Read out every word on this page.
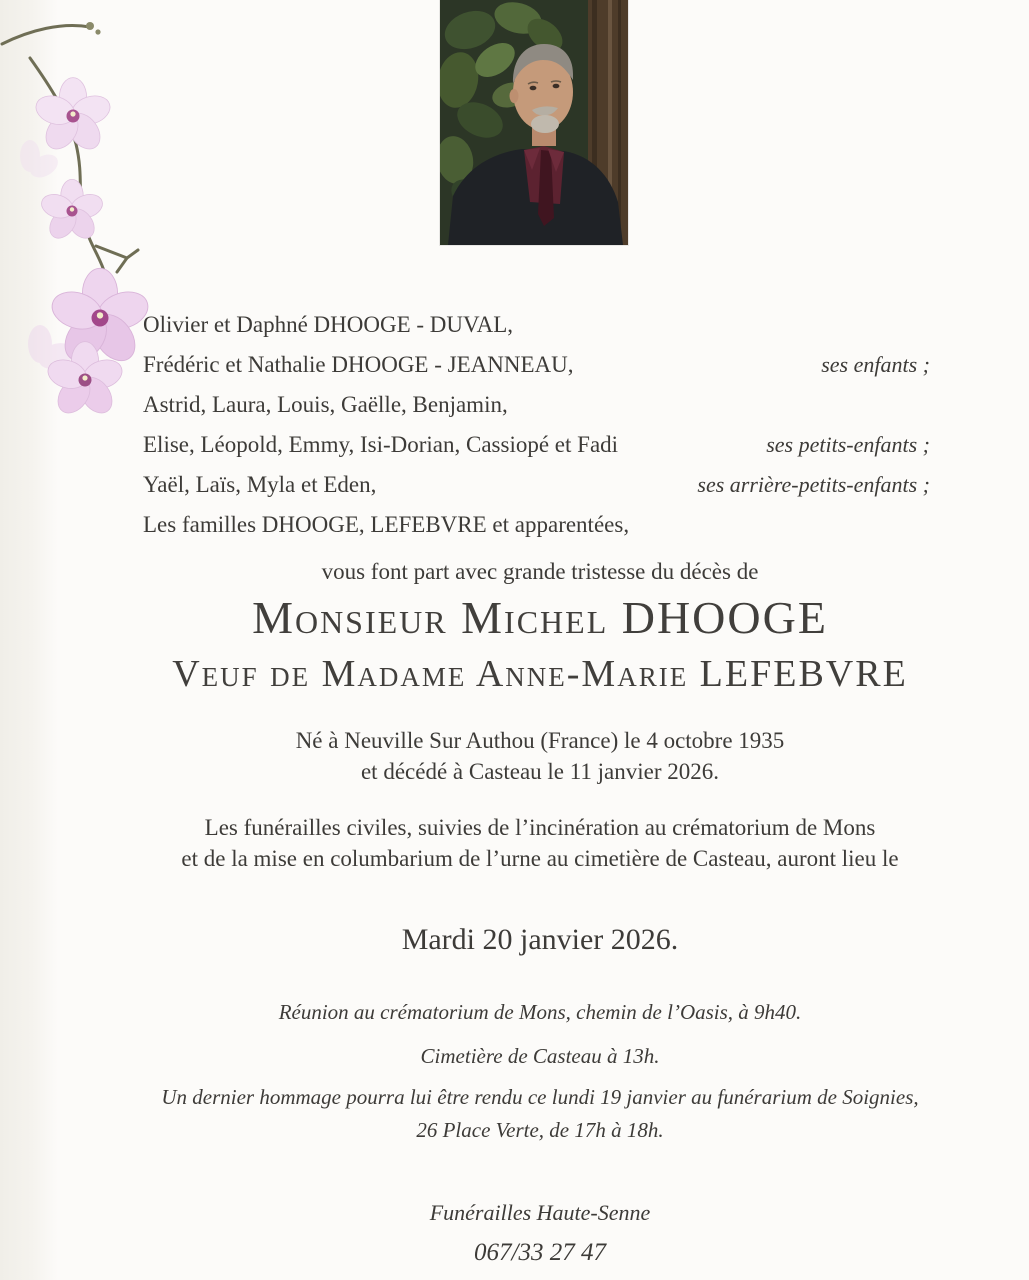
Olivier et Daphné DHOOGE - DUVAL,
Frédéric et Nathalie DHOOGE - JEANNEAU,	ses enfants ;
Astrid, Laura, Louis, Gaëlle, Benjamin,
Elise, Léopold, Emmy, Isi-Dorian, Cassiopé et Fadi	ses petits-enfants ;
Yaël, Laïs, Myla et Eden,	ses arrière-petits-enfants ;
Les familles DHOOGE, LEFEBVRE et apparentées,
vous font part avec grande tristesse du décès de
Monsieur Michel DHOOGE
Veuf de Madame Anne-Marie LEFEBVRE
Né à Neuville Sur Authou (France) le 4 octobre 1935
et décédé à Casteau le 11 janvier 2026.
Les funérailles civiles, suivies de l’incinération au crématorium de Mons
et de la mise en columbarium de l’urne au cimetière de Casteau, auront lieu le
Mardi 20 janvier 2026.

Réunion au crématorium de Mons, chemin de l’Oasis, à 9h40.

Cimetière de Casteau à 13h.

Un dernier hommage pourra lui être rendu ce lundi 19 janvier au funérarium de Soignies,

26 Place Verte, de 17h à 18h.

Funérailles Haute-Senne
067/33 27 47
